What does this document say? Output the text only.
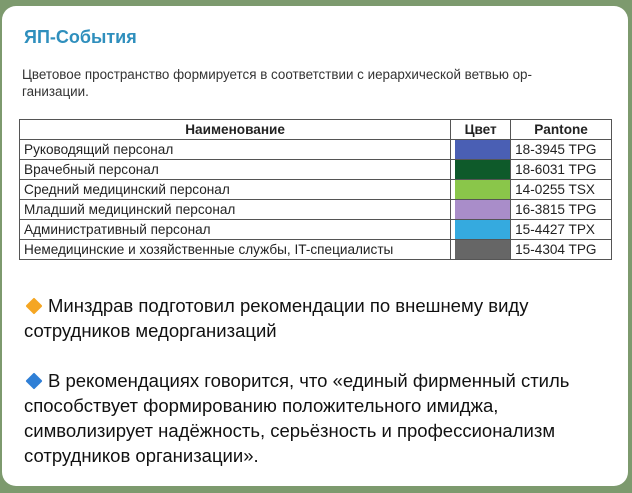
ЯП-События
Цветовое пространство формируется в соответствии с иерархической ветвью ор-
ганизации.
Наименование	Цвет	Pantone
Руководящий персонал		18-3945 TPG
Врачебный персонал		18-6031 TPG
Средний медицинский персонал		14-0255 TSX
Младший медицинский персонал		16-3815 TPG
Административный персонал		15-4427 TPX
Немедицинские и хозяйственные службы, IT-специалисты		15-4304 TPG

Минздрав подготовил рекомендации по внешнему виду сотрудников медорганизаций

В рекомендациях говорится, что «единый фирменный стиль способствует формированию положительного имиджа, символизирует надёжность, серьёзность и профессионализм сотрудников организации».
